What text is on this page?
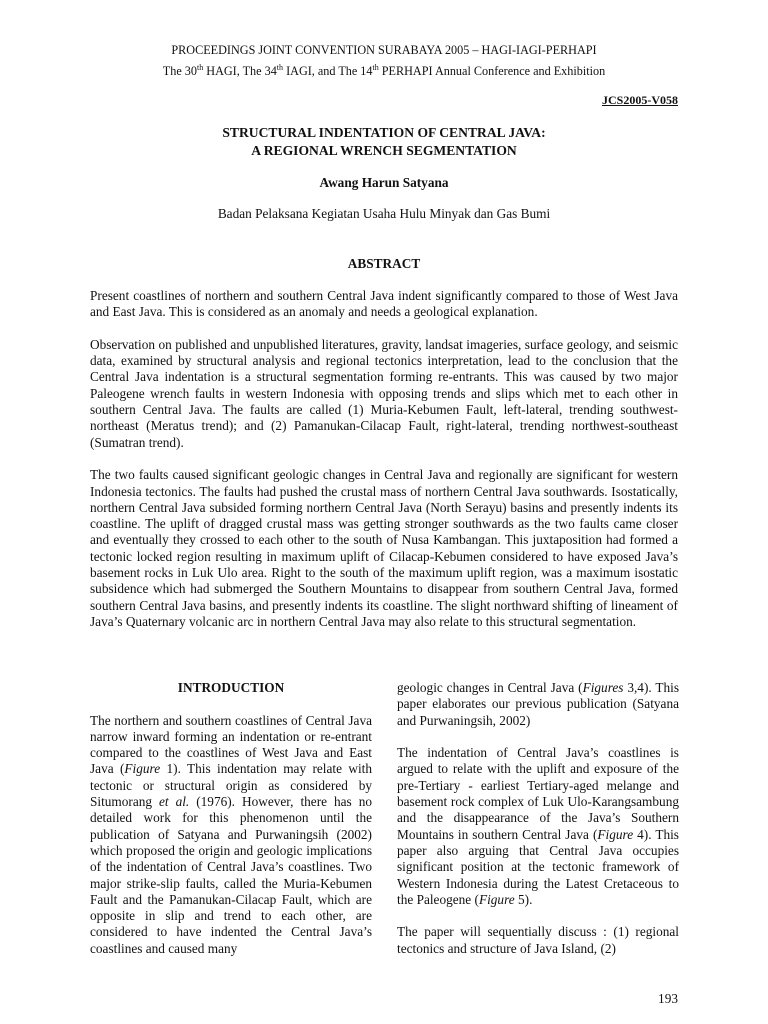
PROCEEDINGS JOINT CONVENTION SURABAYA 2005 – HAGI-IAGI-PERHAPI
The 30th HAGI, The 34th IAGI, and The 14th PERHAPI Annual Conference and Exhibition
JCS2005-V058
STRUCTURAL INDENTATION OF CENTRAL JAVA:
A REGIONAL WRENCH SEGMENTATION
Awang Harun Satyana
Badan Pelaksana Kegiatan Usaha Hulu Minyak dan Gas Bumi
ABSTRACT

Present coastlines of northern and southern Central Java indent significantly compared to those of West Java and East Java. This is considered as an anomaly and needs a geological explanation.

Observation on published and unpublished literatures, gravity, landsat imageries, surface geology, and seismic data, examined by structural analysis and regional tectonics interpretation, lead to the conclusion that the Central Java indentation is a structural segmentation forming re-entrants. This was caused by two major Paleogene wrench faults in western Indonesia with opposing trends and slips which met to each other in southern Central Java. The faults are called (1) Muria-Kebumen Fault, left-lateral, trending southwest-northeast (Meratus trend); and (2) Pamanukan-Cilacap Fault, right-lateral, trending northwest-southeast (Sumatran trend).

The two faults caused significant geologic changes in Central Java and regionally are significant for western Indonesia tectonics. The faults had pushed the crustal mass of northern Central Java southwards. Isostatically, northern Central Java subsided forming northern Central Java (North Serayu) basins and presently indents its coastline. The uplift of dragged crustal mass was getting stronger southwards as the two faults came closer and eventually they crossed to each other to the south of Nusa Kambangan. This juxtaposition had formed a tectonic locked region resulting in maximum uplift of Cilacap-Kebumen considered to have exposed Java’s basement rocks in Luk Ulo area. Right to the south of the maximum uplift region, was a maximum isostatic subsidence which had submerged the Southern Mountains to disappear from southern Central Java, formed southern Central Java basins, and presently indents its coastline. The slight northward shifting of lineament of Java’s Quaternary volcanic arc in northern Central Java may also relate to this structural segmentation.

INTRODUCTION

The northern and southern coastlines of Central Java narrow inward forming an indentation or re-entrant compared to the coastlines of West Java and East Java (Figure 1). This indentation may relate with tectonic or structural origin as considered by Situmorang et al. (1976). However, there has no detailed work for this phenomenon until the publication of Satyana and Purwaningsih (2002) which proposed the origin and geologic implications of the indentation of Central Java’s coastlines. Two major strike-slip faults, called the Muria-Kebumen Fault and the Pamanukan-Cilacap Fault, which are opposite in slip and trend to each other, are considered to have indented the Central Java’s coastlines and caused many

geologic changes in Central Java (Figures 3,4). This paper elaborates our previous publication (Satyana and Purwaningsih, 2002)

The indentation of Central Java’s coastlines is argued to relate with the uplift and exposure of the pre-Tertiary - earliest Tertiary-aged melange and basement rock complex of Luk Ulo-Karangsambung and the disappearance of the Java’s Southern Mountains in southern Central Java (Figure 4). This paper also arguing that Central Java occupies significant position at the tectonic framework of Western Indonesia during the Latest Cretaceous to the Paleogene (Figure 5).

The paper will sequentially discuss : (1) regional tectonics and structure of Java Island, (2)

193
